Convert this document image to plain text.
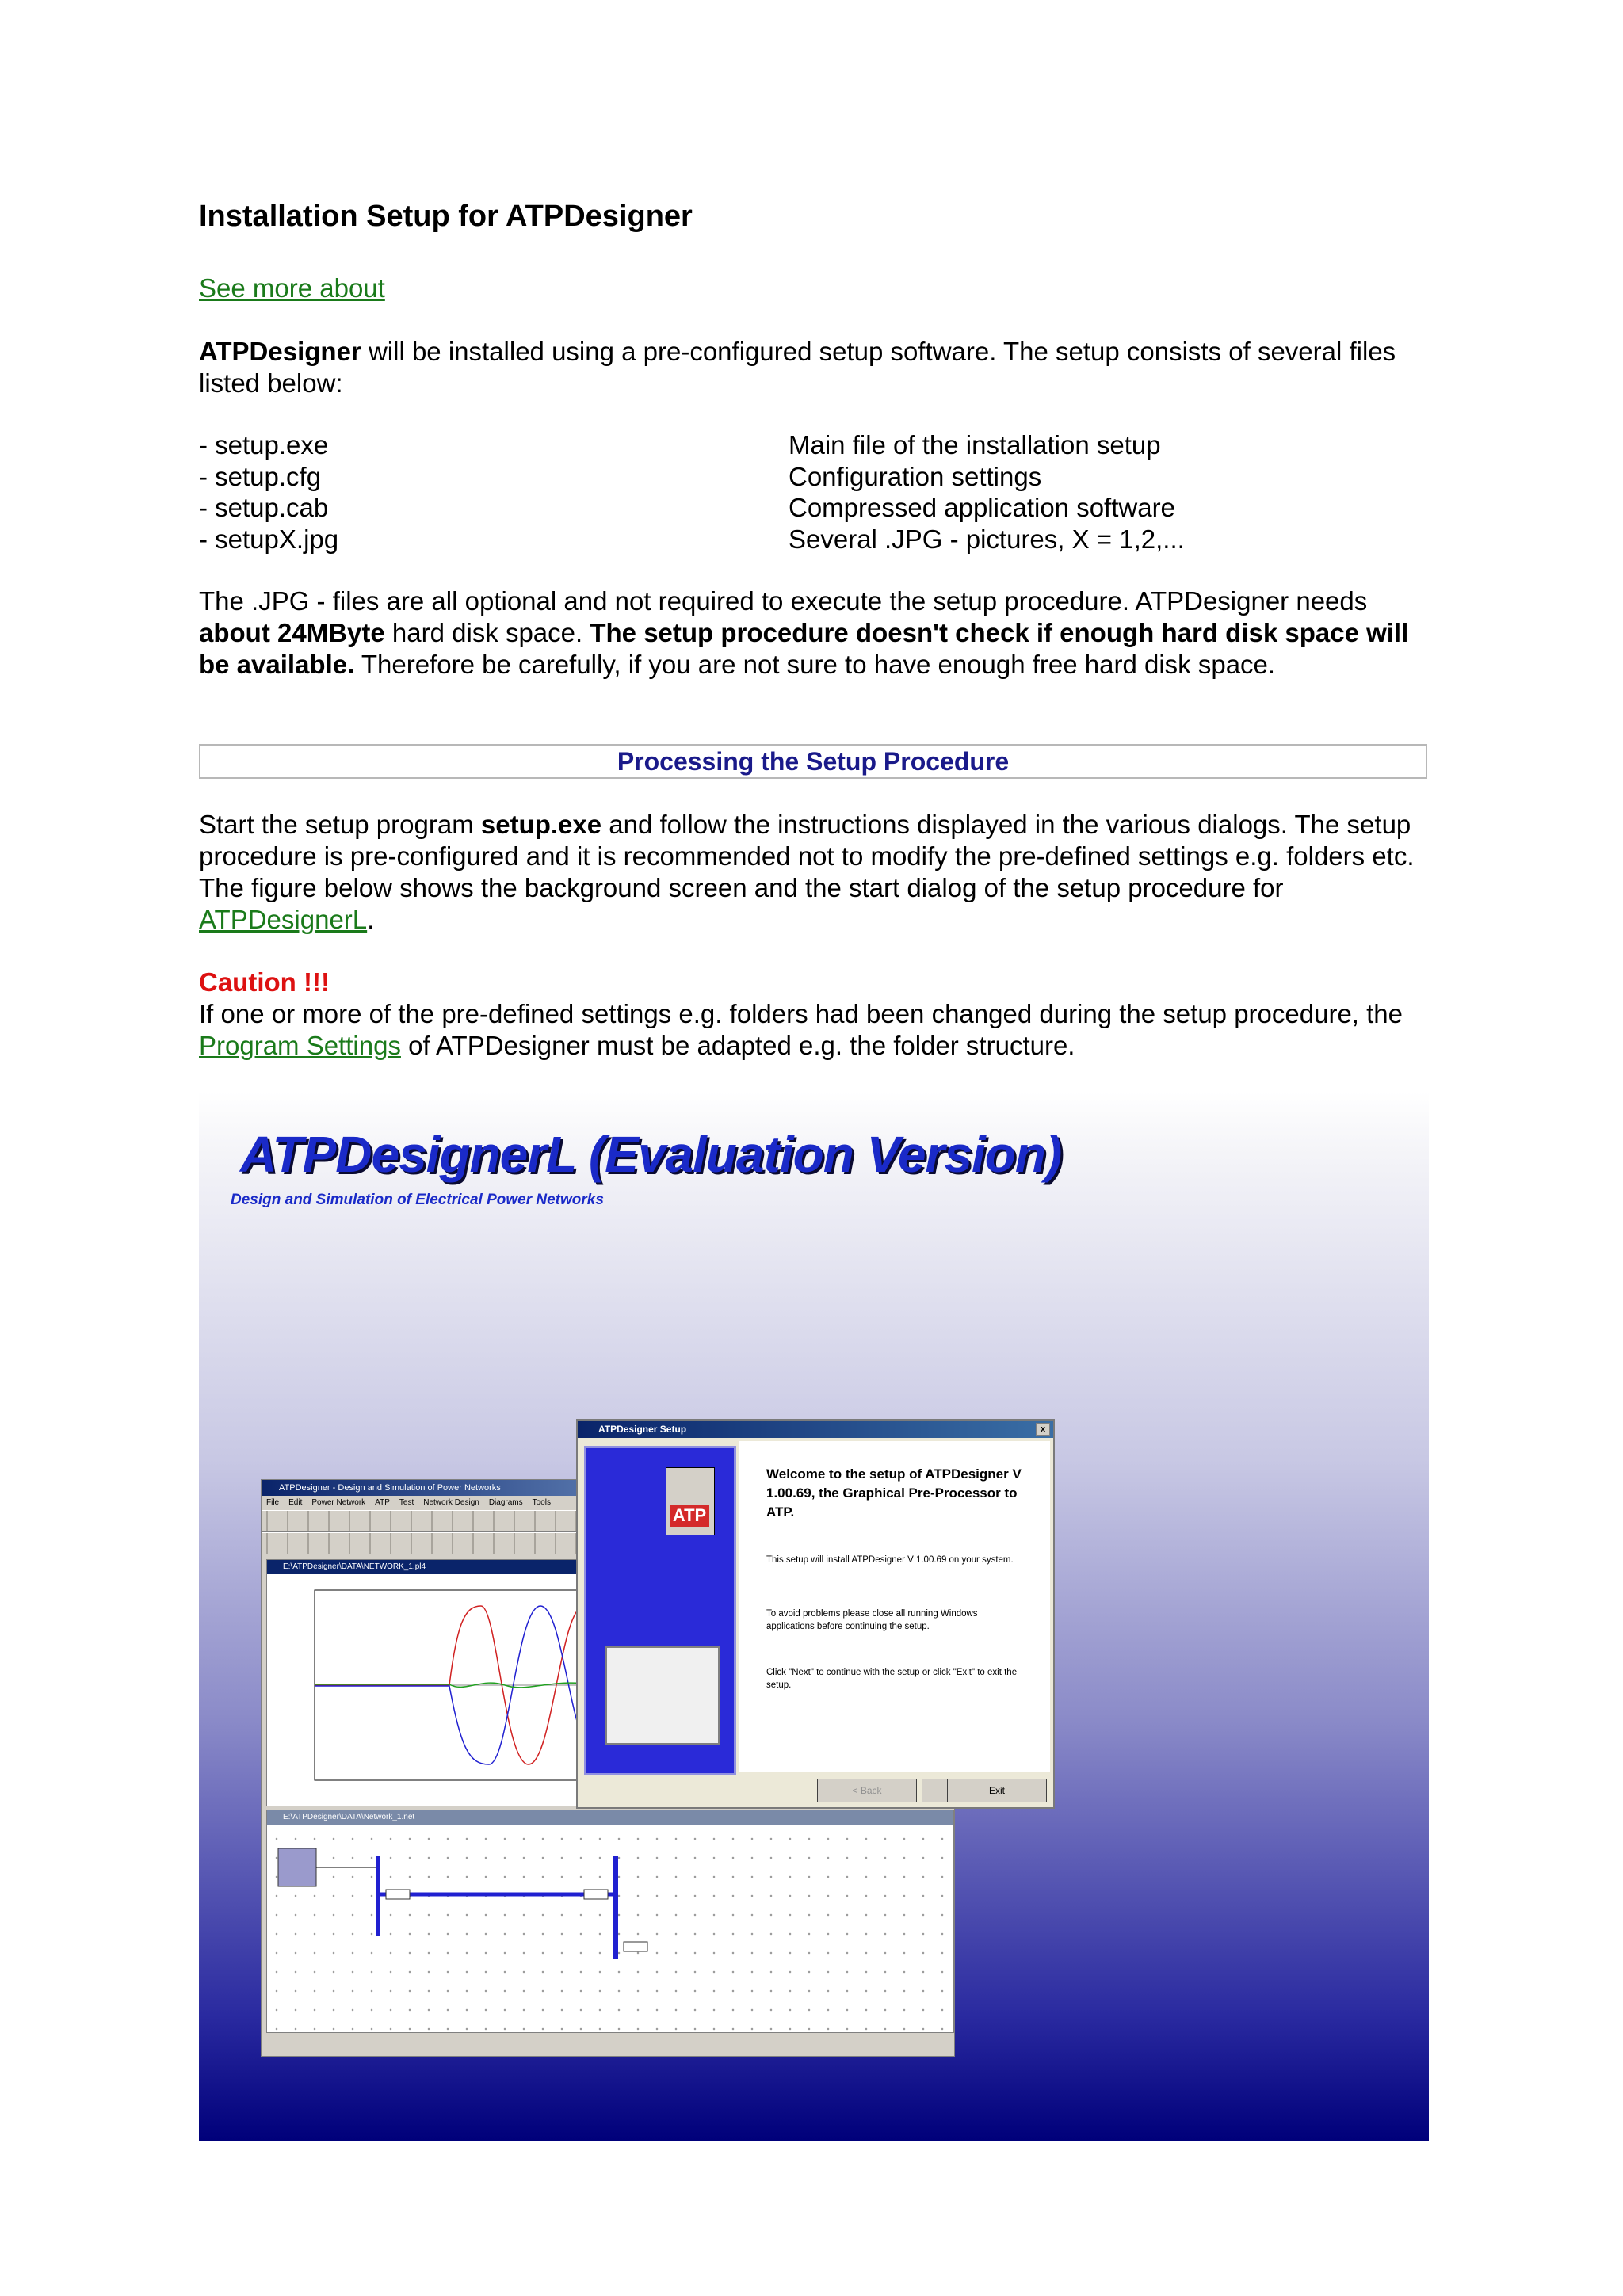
Installation Setup for ATPDesigner

See more about

ATPDesigner will be installed using a pre-configured setup software. The setup consists of several files listed below:

- setup.exe	Main file of the installation setup
- setup.cfg	Configuration settings
- setup.cab	Compressed application software
- setupX.jpg	Several .JPG - pictures, X = 1,2,...

The .JPG - files are all optional and not required to execute the setup procedure. ATPDesigner needs about 24MByte hard disk space. The setup procedure doesn't check if enough hard disk space will be available. Therefore be carefully, if you are not sure to have enough free hard disk space.

Processing the Setup Procedure

Start the setup program setup.exe and follow the instructions displayed in the various dialogs. The setup procedure is pre-configured and it is recommended not to modify the pre-defined settings e.g. folders etc. The figure below shows the background screen and the start dialog of the setup procedure for ATPDesignerL.

Caution !!!

If one or more of the pre-defined settings e.g. folders had been changed during the setup procedure, the Program Settings of ATPDesigner must be adapted e.g. the folder structure.

ATPDesignerL (Evaluation Version)
Design and Simulation of Electrical Power Networks
ATPDesigner - Design and Simulation of Power Networks
File Edit Power Network ATP Test Network Design Diagrams Tools
E:\ATPDesigner\DATA\NETWORK_1.pl4
E:\ATPDesigner\DATA\Network_1.net
ATPDesigner Setup	x
ATP
Welcome to the setup of ATPDesigner V 1.00.69, the Graphical Pre-Processor to ATP.
This setup will install ATPDesigner V 1.00.69 on your system.
To avoid problems please close all running Windows applications before continuing the setup.
Click "Next" to continue with the setup or click "Exit" to exit the setup.
< Back	Exit
